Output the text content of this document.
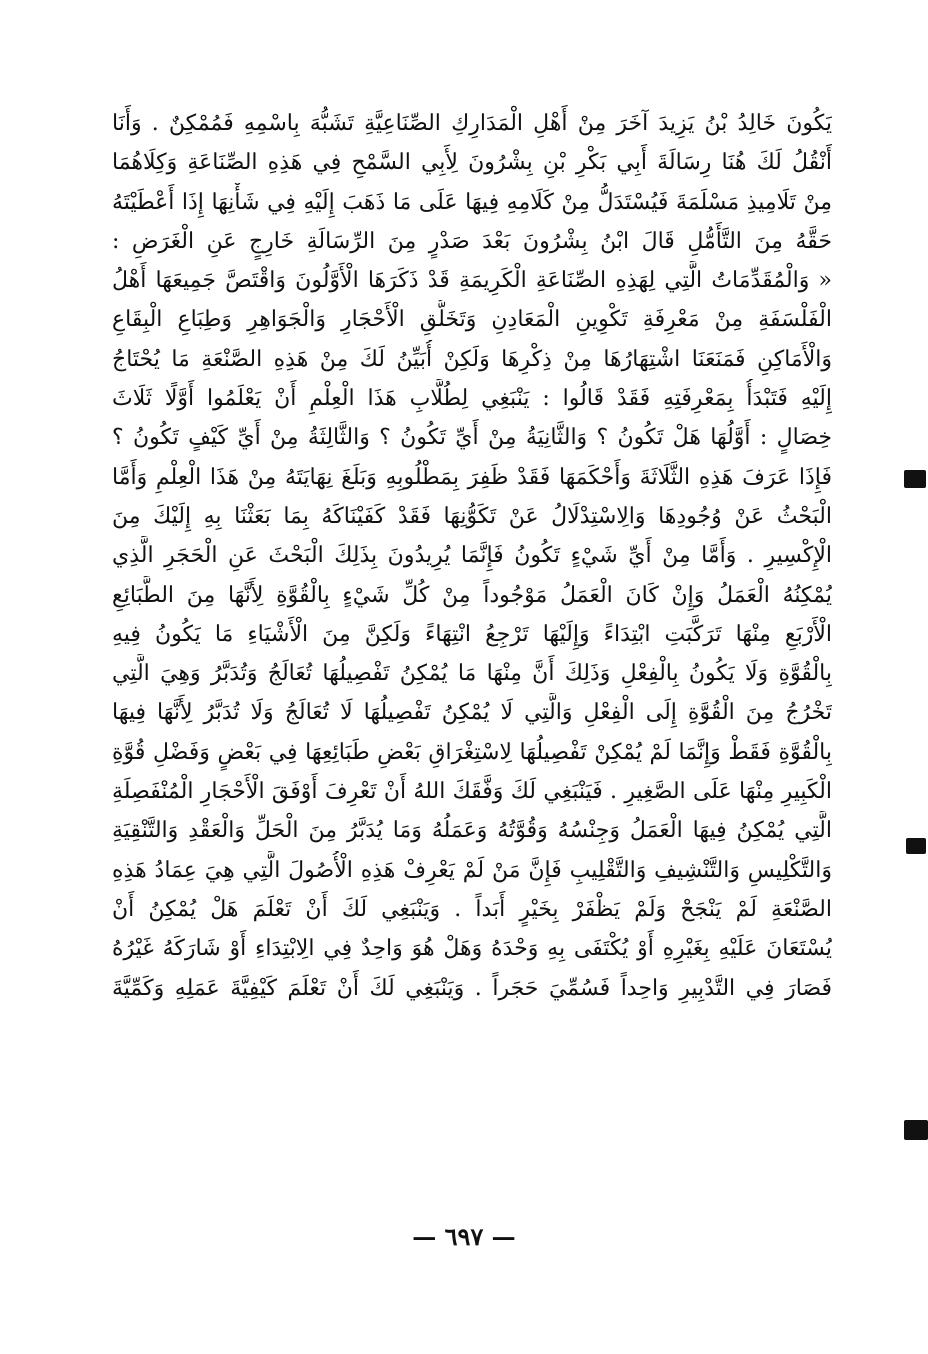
يَكُونَ خَالِدُ بْنُ يَزِيدَ آخَرَ مِنْ أَهْلِ الْمَدَارِكِ الصِّنَاعِيَّةِ تَشَبُّهَ بِاسْمِهِ فَمُمْكِنٌ . وَأَنَا
أَنْقُلُ لَكَ هُنَا رِسَالَةَ أَبِي بَكْرِ بْنِ بِشْرُونَ لِأَبِي السَّمْحِ فِي هَذِهِ الصِّنَاعَةِ وَكِلَاهُمَا
مِنْ تَلَامِيذِ مَسْلَمَةَ فَيُسْتَدَلُّ مِنْ كَلَامِهِ فِيهَا عَلَى مَا ذَهَبَ إِلَيْهِ فِي شَأْنِهَا إِذَا أَعْطَيْتَهُ
حَقَّهُ مِنَ التَّأَمُّلِ قَالَ ابْنُ بِشْرُونَ بَعْدَ صَدْرٍ مِنَ الرِّسَالَةِ خَارِجٍ عَنِ الْغَرَضِ :
« وَالْمُقَدِّمَاتُ الَّتِي لِهَذِهِ الصِّنَاعَةِ الْكَرِيمَةِ قَدْ ذَكَرَهَا الْأَوَّلُونَ وَاقْتَصَّ جَمِيعَهَا أَهْلُ
الْفَلْسَفَةِ مِنْ مَعْرِفَةِ تَكْوِينِ الْمَعَادِنِ وَتَخَلُّقِ الْأَحْجَارِ وَالْجَوَاهِرِ وَطِبَاعِ الْبِقَاعِ
وَالْأَمَاكِنِ فَمَنَعَنَا اشْتِهَارُهَا مِنْ ذِكْرِهَا وَلَكِنْ أُبَيِّنُ لَكَ مِنْ هَذِهِ الصَّنْعَةِ مَا يُحْتَاجُ
إِلَيْهِ فَتَبْدَأُ بِمَعْرِفَتِهِ فَقَدْ قَالُوا : يَنْبَغِي لِطُلَّابِ هَذَا الْعِلْمِ أَنْ يَعْلَمُوا أَوَّلًا ثَلَاثَ
خِصَالٍ : أَوَّلُهَا هَلْ تَكُونُ ؟ وَالثَّانِيَةُ مِنْ أَيِّ تَكُونُ ؟ وَالثَّالِثَةُ مِنْ أَيِّ كَيْفٍ تَكُونُ ؟
فَإِذَا عَرَفَ هَذِهِ الثَّلَاثَةَ وَأَحْكَمَهَا فَقَدْ ظَفِرَ بِمَطْلُوبِهِ وَبَلَغَ نِهَايَتَهُ مِنْ هَذَا الْعِلْمِ وَأَمَّا
الْبَحْثُ عَنْ وُجُودِهَا وَالِاسْتِدْلَالُ عَنْ تَكَوُّنِهَا فَقَدْ كَفَيْنَاكَهُ بِمَا بَعَثْنَا بِهِ إِلَيْكَ مِنَ
الْإِكْسِيرِ . وَأَمَّا مِنْ أَيِّ شَيْءٍ تَكُونُ فَإِنَّمَا يُرِيدُونَ بِذَلِكَ الْبَحْثَ عَنِ الْحَجَرِ الَّذِي
يُمْكِنُهُ الْعَمَلُ وَإِنْ كَانَ الْعَمَلُ مَوْجُوداً مِنْ كُلِّ شَيْءٍ بِالْقُوَّةِ لِأَنَّهَا مِنَ الطَّبَائِعِ
الْأَرْبَعِ مِنْهَا تَرَكَّبَتِ ابْتِدَاءً وَإِلَيْهَا تَرْجِعُ انْتِهَاءً وَلَكِنَّ مِنَ الْأَشْيَاءِ مَا يَكُونُ فِيهِ
بِالْقُوَّةِ وَلَا يَكُونُ بِالْفِعْلِ وَذَلِكَ أَنَّ مِنْهَا مَا يُمْكِنُ تَفْصِيلُهَا تُعَالَجُ وَتُدَبَّرُ وَهِيَ الَّتِي
تَخْرُجُ مِنَ الْقُوَّةِ إِلَى الْفِعْلِ وَالَّتِي لَا يُمْكِنُ تَفْصِيلُهَا لَا تُعَالَجُ وَلَا تُدَبَّرُ لِأَنَّهَا فِيهَا
بِالْقُوَّةِ فَقَطْ وَإِنَّمَا لَمْ يُمْكِنْ تَفْصِيلُهَا لِاسْتِغْرَاقِ بَعْضِ طَبَائِعِهَا فِي بَعْضٍ وَفَضْلِ قُوَّةِ
الْكَبِيرِ مِنْهَا عَلَى الصَّغِيرِ . فَيَنْبَغِي لَكَ وَفَّقَكَ اللهُ أَنْ تَعْرِفَ أَوْفَقَ الْأَحْجَارِ الْمُنْفَصِلَةِ
الَّتِي يُمْكِنُ فِيهَا الْعَمَلُ وَجِنْسُهُ وَقُوَّتُهُ وَعَمَلُهُ وَمَا يُدَبَّرُ مِنَ الْحَلِّ وَالْعَقْدِ وَالتَّنْقِيَةِ
وَالتَّكْلِيسِ وَالتَّنْشِيفِ وَالتَّقْلِيبِ فَإِنَّ مَنْ لَمْ يَعْرِفْ هَذِهِ الْأُصُولَ الَّتِي هِيَ عِمَادُ هَذِهِ
الصَّنْعَةِ لَمْ يَنْجَحْ وَلَمْ يَظْفَرْ بِخَيْرٍ أَبَداً . وَيَنْبَغِي لَكَ أَنْ تَعْلَمَ هَلْ يُمْكِنُ أَنْ
يُسْتَعَانَ عَلَيْهِ بِغَيْرِهِ أَوْ يُكْتَفَى بِهِ وَحْدَهُ وَهَلْ هُوَ وَاحِدٌ فِي الِابْتِدَاءِ أَوْ شَارَكَهُ غَيْرُهُ
فَصَارَ فِي التَّدْبِيرِ وَاحِداً فَسُمِّيَ حَجَراً . وَيَنْبَغِي لَكَ أَنْ تَعْلَمَ كَيْفِيَّةَ عَمَلِهِ وَكَمِّيَّةَ
— ٦٩٧ —
